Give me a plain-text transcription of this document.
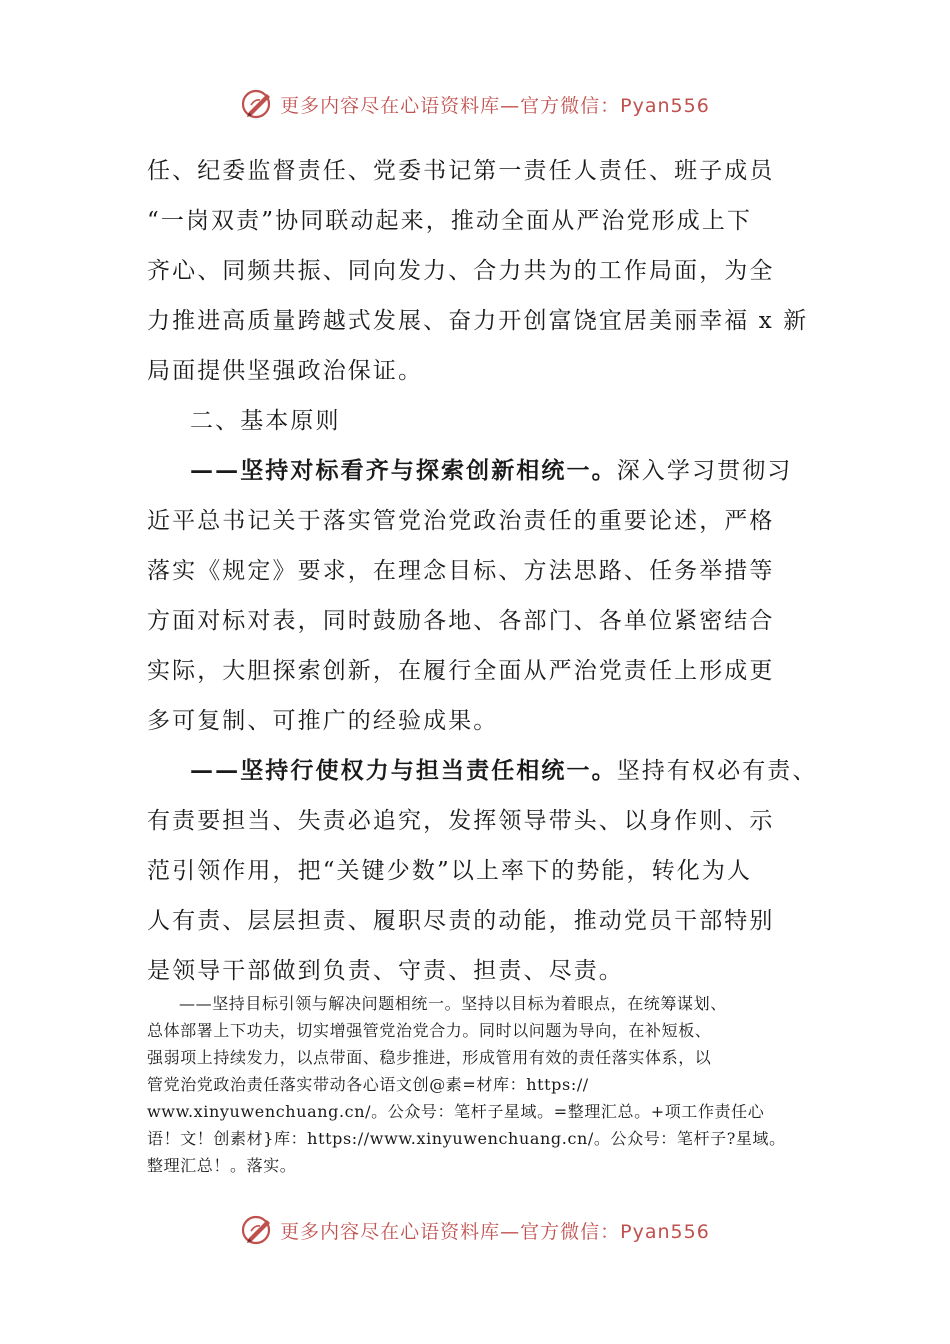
更多内容尽在心语资料库—官方微信：Pyan556
任、纪委监督责任、党委书记第一责任人责任、班子成员
“一岗双责”协同联动起来，推动全面从严治党形成上下
齐心、同频共振、同向发力、合力共为的工作局面，为全
力推进高质量跨越式发展、奋力开创富饶宜居美丽幸福 x 新
局面提供坚强政治保证。
二、基本原则
——坚持对标看齐与探索创新相统一。深入学习贯彻习
近平总书记关于落实管党治党政治责任的重要论述，严格
落实《规定》要求，在理念目标、方法思路、任务举措等
方面对标对表，同时鼓励各地、各部门、各单位紧密结合
实际，大胆探索创新，在履行全面从严治党责任上形成更
多可复制、可推广的经验成果。
——坚持行使权力与担当责任相统一。坚持有权必有责、
有责要担当、失责必追究，发挥领导带头、以身作则、示
范引领作用，把“关键少数”以上率下的势能，转化为人
人有责、层层担责、履职尽责的动能，推动党员干部特别
是领导干部做到负责、守责、担责、尽责。
——坚持目标引领与解决问题相统一。坚持以目标为着眼点，在统筹谋划、
总体部署上下功夫，切实增强管党治党合力。同时以问题为导向，在补短板、
强弱项上持续发力，以点带面、稳步推进，形成管用有效的责任落实体系，以
管党治党政治责任落实带动各心语文创@素=材库：https://
www.xinyuwenchuang.cn/。公众号：笔杆子星域。=整理汇总。+项工作责任心
语！文！创素材}库：https://www.xinyuwenchuang.cn/。公众号：笔杆子?星域。
整理汇总！。落实。
更多内容尽在心语资料库—官方微信：Pyan556
